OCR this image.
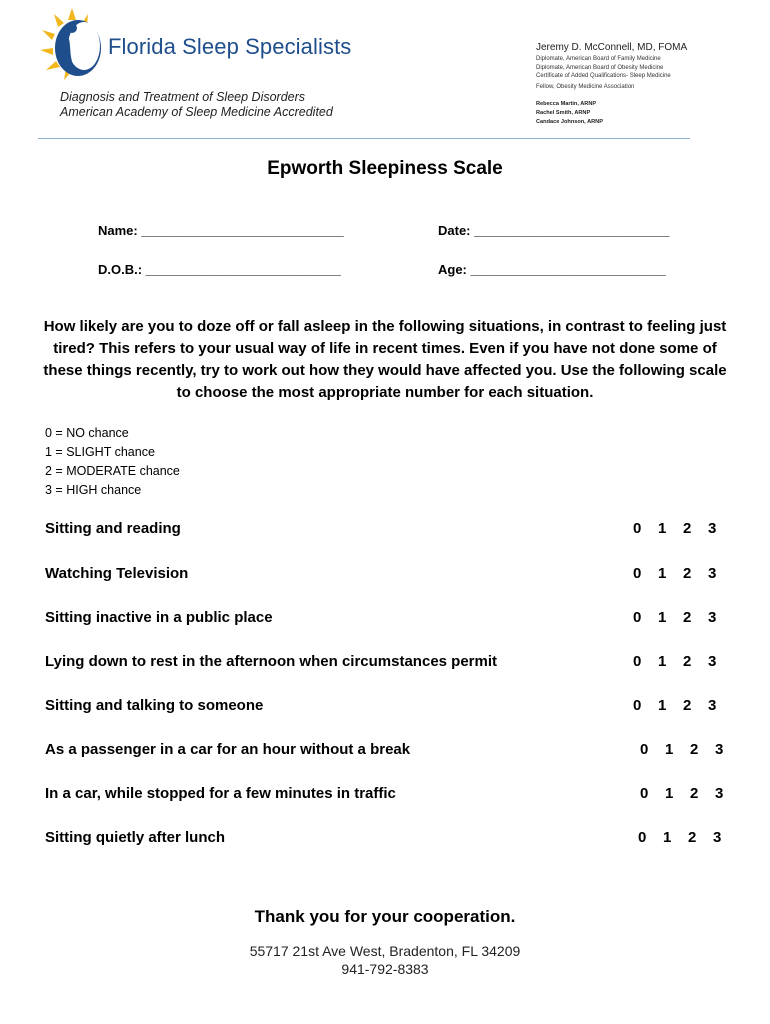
Florida Sleep Specialists
Diagnosis and Treatment of Sleep Disorders
American Academy of Sleep Medicine Accredited
Jeremy D. McConnell, MD, FOMA
Diplomate, American Board of Family Medicine
Diplomate, American Board of Obesity Medicine
Certificate of Added Qualifications- Sleep Medicine
Fellow, Obesity Medicine Association
Rebecca Martin, ARNP
Rachel Smith, ARNP
Candace Johnson, ARNP
Epworth Sleepiness Scale
Name: ____________________________	Date: ___________________________
D.O.B.: ___________________________	Age: ___________________________
How likely are you to doze off or fall asleep in the following situations, in contrast to feeling just tired? This refers to your usual way of life in recent times. Even if you have not done some of these things recently, try to work out how they would have affected you. Use the following scale to choose the most appropriate number for each situation.
0 = NO chance
1 = SLIGHT chance
2 = MODERATE chance
3 = HIGH chance
Sitting and reading	0	1	2	3
Watching Television	0	1	2	3
Sitting inactive in a public place	0	1	2	3
Lying down to rest in the afternoon when circumstances permit	0	1	2	3
Sitting and talking to someone	0	1	2	3
As a passenger in a car for an hour without a break	0	1	2	3
In a car, while stopped for a few minutes in traffic	0	1	2	3
Sitting quietly after lunch	0	1	2	3
Thank you for your cooperation.
55717 21st Ave West, Bradenton, FL 34209
941-792-8383
